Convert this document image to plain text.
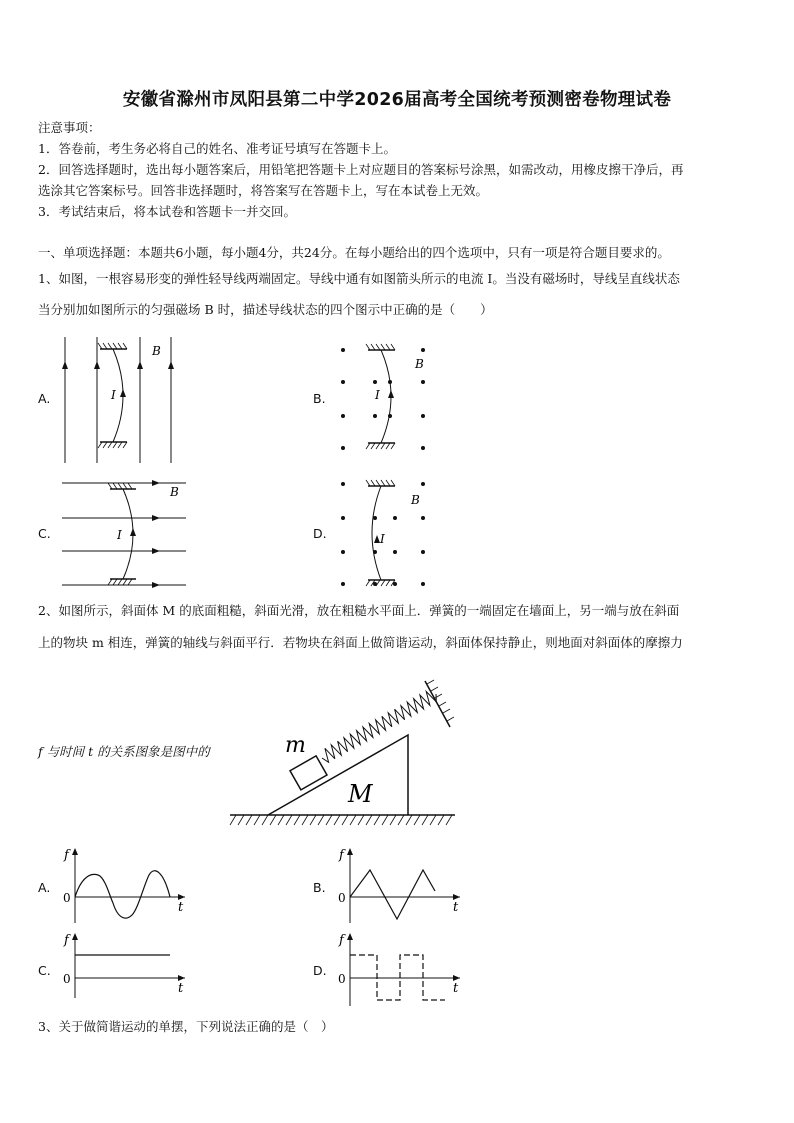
安徽省滁州市凤阳县第二中学2026届高考全国统考预测密卷物理试卷
注意事项：
1．答卷前，考生务必将自己的姓名、准考证号填写在答题卡上。
2．回答选择题时，选出每小题答案后，用铅笔把答题卡上对应题目的答案标号涂黑，如需改动，用橡皮擦干净后，再
选涂其它答案标号。回答非选择题时，将答案写在答题卡上，写在本试卷上无效。
3．考试结束后，将本试卷和答题卡一并交回。
一、单项选择题：本题共6小题，每小题4分，共24分。在每小题给出的四个选项中，只有一项是符合题目要求的。
1、如图，一根容易形变的弹性轻导线两端固定。导线中通有如图箭头所示的电流 I。当没有磁场时，导线呈直线状态
当分别加如图所示的匀强磁场 B 时，描述导线状态的四个图示中正确的是（　　）
A.	B.
C.	D.
I
B
I
B
I
B
I
B
2、如图所示，斜面体 M 的底面粗糙，斜面光滑，放在粗糙水平面上．弹簧的一端固定在墙面上，另一端与放在斜面
上的物块 m 相连，弹簧的轴线与斜面平行．若物块在斜面上做简谐运动，斜面体保持静止，则地面对斜面体的摩擦力
f 与时间 t 的关系图象是图中的	m
M
A.	B.
C.	D.
f
t
0
f
t
0
f
t
0
f
t
0
3、关于做简谐运动的单摆，下列说法正确的是（　）
